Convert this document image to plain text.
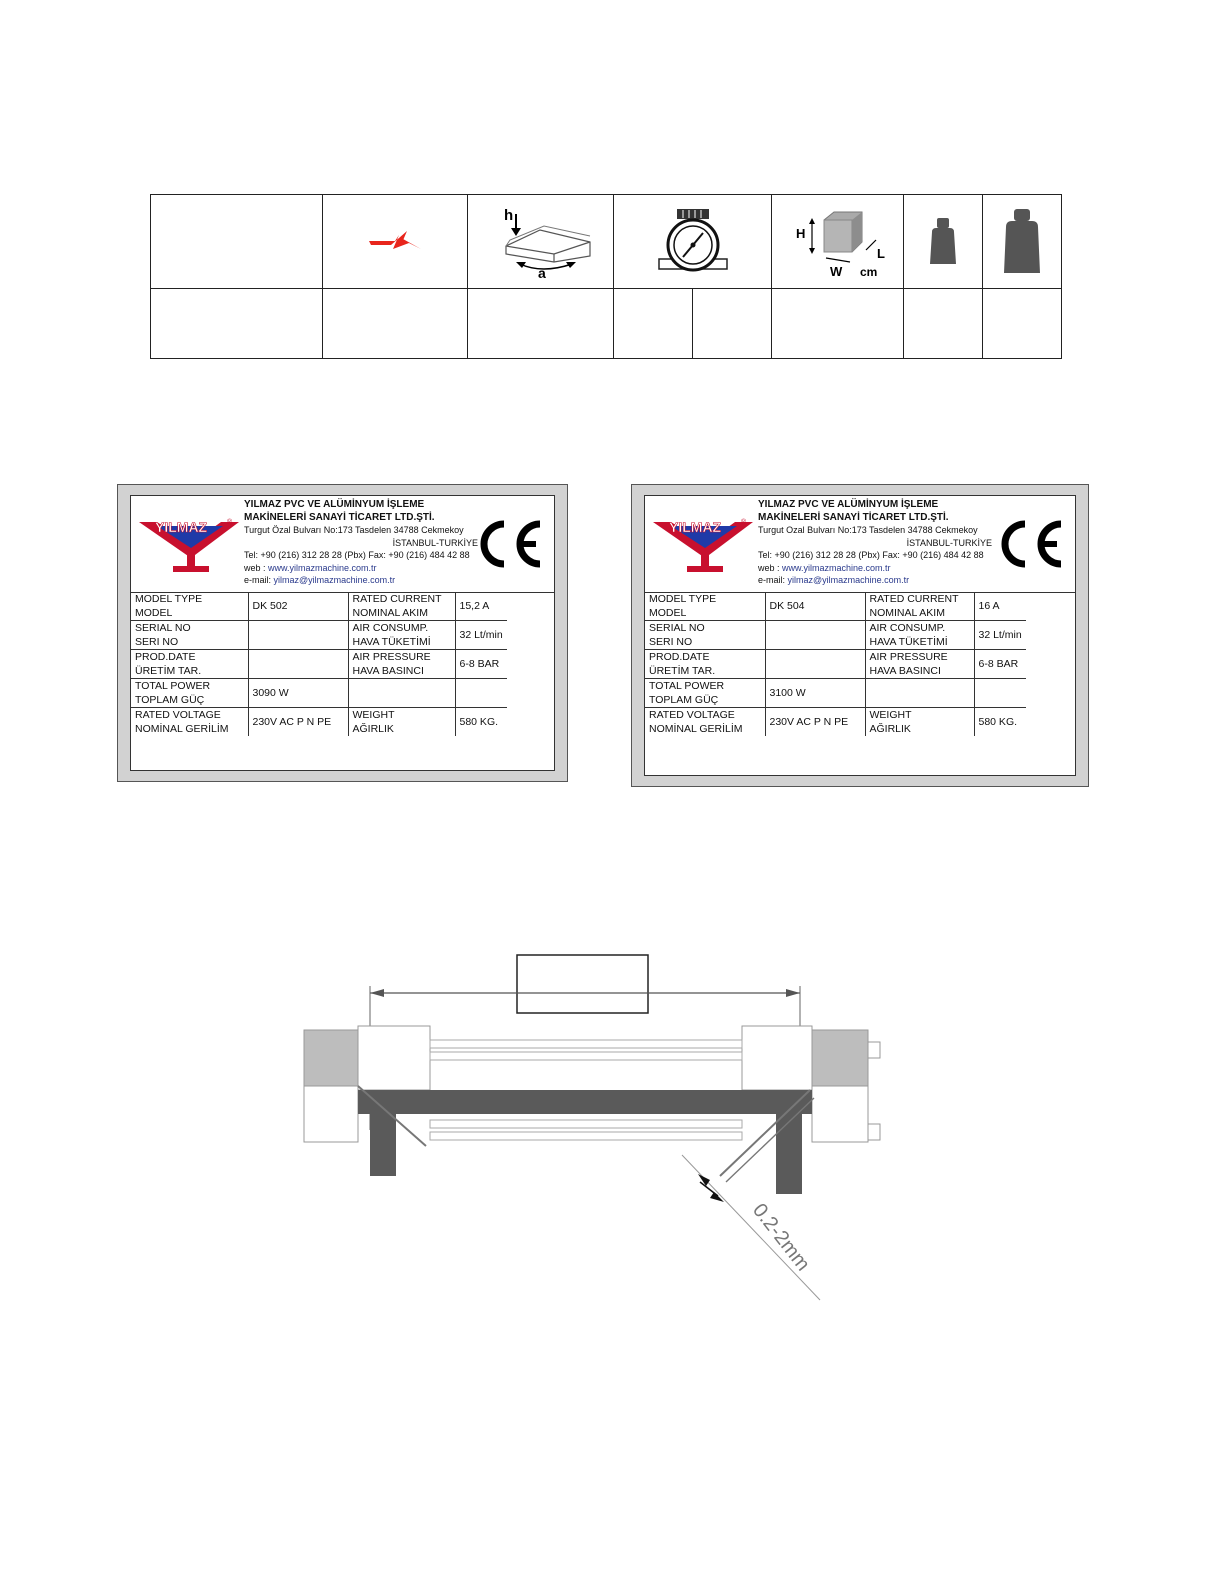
h
a			H
W
L
cm

YILMAZ	®
YILMAZ PVC VE ALÜMİNYUM İŞLEME
MAKİNELERİ SANAYİ TİCARET LTD.ŞTİ.
Turgut Özal Bulvarı No:173 Tasdelen 34788 Cekmekoy
İSTANBUL-TURKİYE
Tel: +90 (216) 312 28 28 (Pbx) Fax: +90 (216) 484 42 88
web : www.yilmazmachine.com.tr
e-mail: yilmaz@yilmazmachine.com.tr
MODEL TYPE
MODEL	DK 502	RATED CURRENT
NOMINAL AKIM	15,2 A

SERIAL NO
SERI NO		AIR CONSUMP.
HAVA TÜKETİMİ	32 Lt/min

PROD.DATE
ÜRETİM TAR.		AIR PRESSURE
HAVA BASINCI	6-8 BAR

TOTAL POWER
TOPLAM GÜÇ	3090 W	

RATED VOLTAGE
NOMİNAL GERİLİM	230V AC P N PE	WEIGHT
AĞIRLIK	580 KG.
YILMAZ	®
YILMAZ PVC VE ALÜMİNYUM İŞLEME
MAKİNELERİ SANAYİ TİCARET LTD.ŞTİ.
Turgut Ozal Bulvarı No:173 Tasdelen 34788 Cekmekoy
İSTANBUL-TURKİYE
Tel: +90 (216) 312 28 28 (Pbx) Fax: +90 (216) 484 42 88
web : www.yilmazmachine.com.tr
e-mail: yilmaz@yilmazmachine.com.tr
MODEL TYPE
MODEL	DK 504	RATED CURRENT
NOMINAL AKIM	16 A

SERIAL NO
SERI NO		AIR CONSUMP.
HAVA TÜKETİMİ	32 Lt/min

PROD.DATE
ÜRETİM TAR.		AIR PRESSURE
HAVA BASINCI	6-8 BAR

TOTAL POWER
TOPLAM GÜÇ	3100 W	

RATED VOLTAGE
NOMİNAL GERİLİM	230V AC P N PE	WEIGHT
AĞIRLIK	580 KG.
0.2-2mm
